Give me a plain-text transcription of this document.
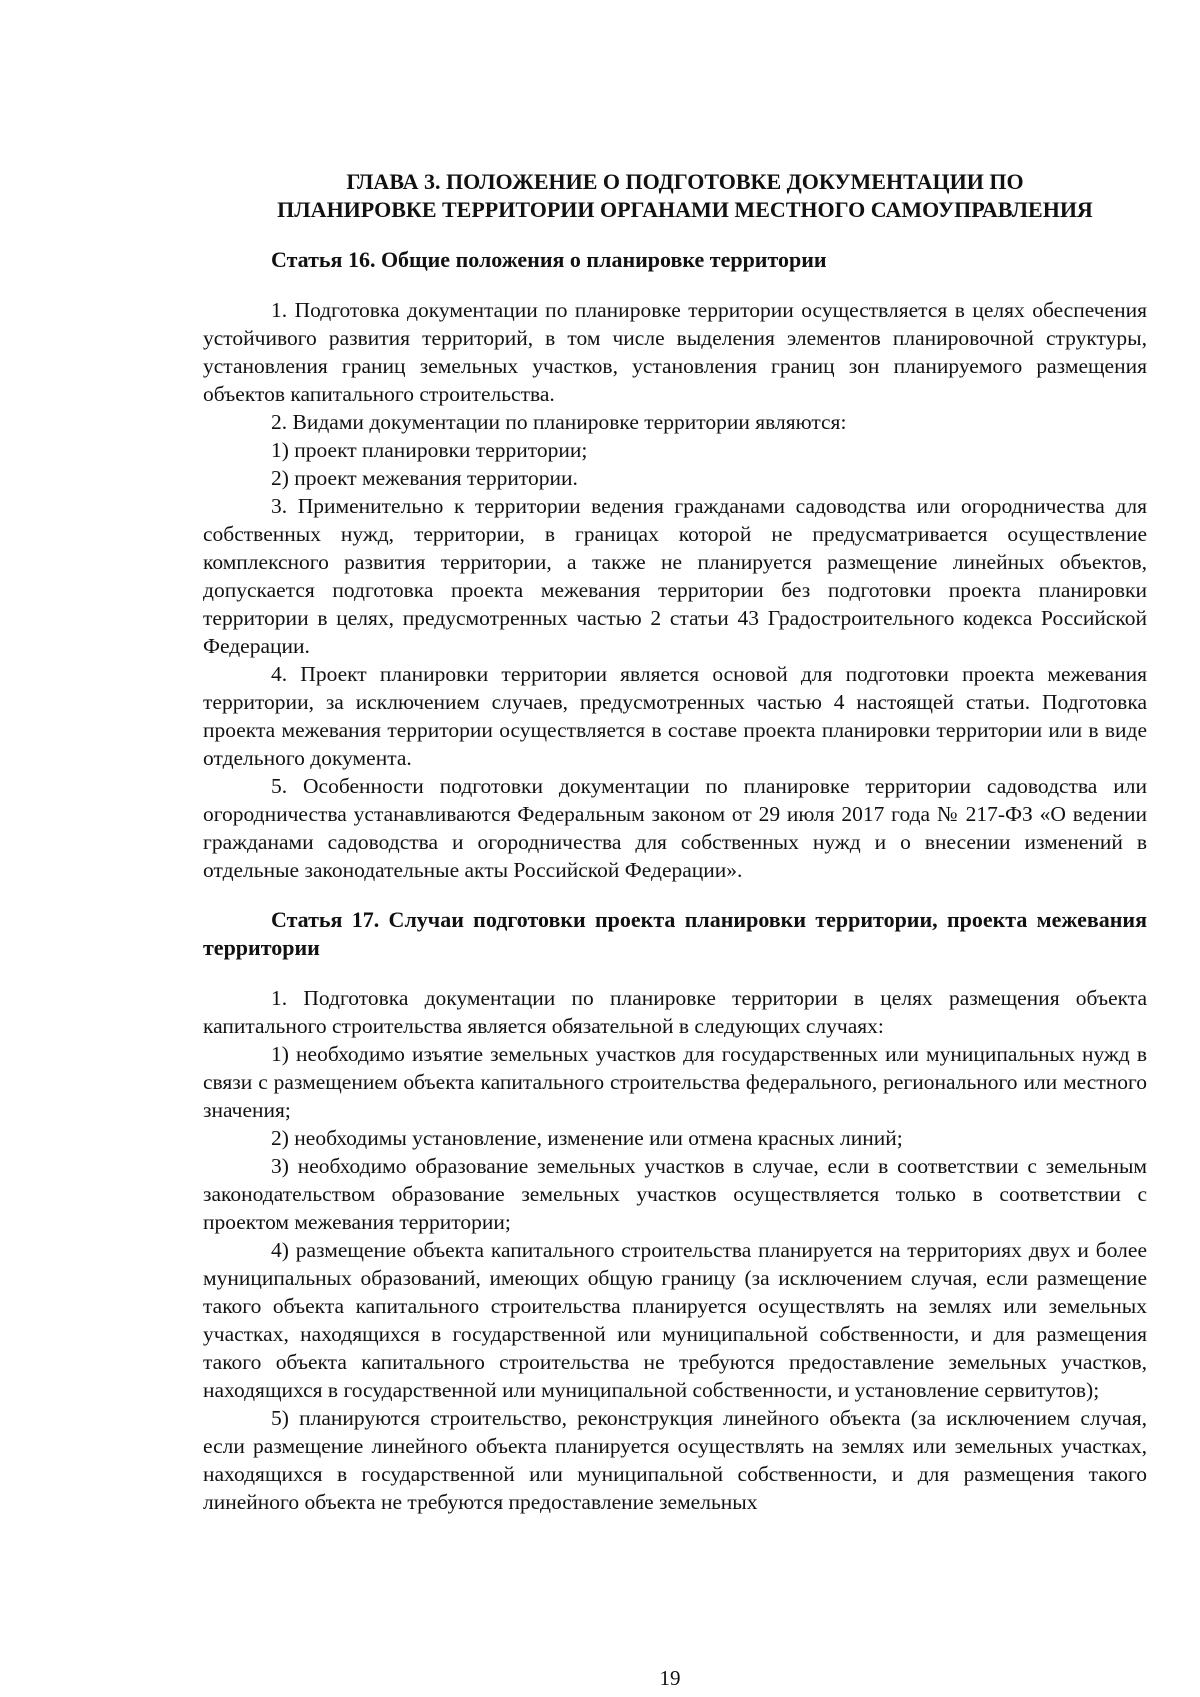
ГЛАВА 3. ПОЛОЖЕНИЕ О ПОДГОТОВКЕ ДОКУМЕНТАЦИИ ПО
ПЛАНИРОВКЕ ТЕРРИТОРИИ ОРГАНАМИ МЕСТНОГО САМОУПРАВЛЕНИЯ
Статья 16. Общие положения о планировке территории

1. Подготовка документации по планировке территории осуществляется в целях обеспечения устойчивого развития территорий, в том числе выделения элементов планировочной структуры, установления границ земельных участков, установления границ зон планируемого размещения объектов капитального строительства.

2. Видами документации по планировке территории являются:

1) проект планировки территории;

2) проект межевания территории.

3. Применительно к территории ведения гражданами садоводства или огородничества для собственных нужд, территории, в границах которой не предусматривается осуществление комплексного развития территории, а также не планируется размещение линейных объектов, допускается подготовка проекта межевания территории без подготовки проекта планировки территории в целях, предусмотренных частью 2 статьи 43 Градостроительного кодекса Российской Федерации.

4. Проект планировки территории является основой для подготовки проекта межевания территории, за исключением случаев, предусмотренных частью 4 настоящей статьи. Подготовка проекта межевания территории осуществляется в составе проекта планировки территории или в виде отдельного документа.

5. Особенности подготовки документации по планировке территории садоводства или огородничества устанавливаются Федеральным законом от 29 июля 2017 года № 217-ФЗ «О ведении гражданами садоводства и огородничества для собственных нужд и о внесении изменений в отдельные законодательные акты Российской Федерации».

Статья 17. Случаи подготовки проекта планировки территории, проекта межевания территории

1. Подготовка документации по планировке территории в целях размещения объекта капитального строительства является обязательной в следующих случаях:

1) необходимо изъятие земельных участков для государственных или муниципальных нужд в связи с размещением объекта капитального строительства федерального, регионального или местного значения;

2) необходимы установление, изменение или отмена красных линий;

3) необходимо образование земельных участков в случае, если в соответствии с земельным законодательством образование земельных участков осуществляется только в соответствии с проектом межевания территории;

4) размещение объекта капитального строительства планируется на территориях двух и более муниципальных образований, имеющих общую границу (за исключением случая, если размещение такого объекта капитального строительства планируется осуществлять на землях или земельных участках, находящихся в государственной или муниципальной собственности, и для размещения такого объекта капитального строительства не требуются предоставление земельных участков, находящихся в государственной или муниципальной собственности, и установление сервитутов);

5) планируются строительство, реконструкция линейного объекта (за исключением случая, если размещение линейного объекта планируется осуществлять на землях или земельных участках, находящихся в государственной или муниципальной собственности, и для размещения такого линейного объекта не требуются предоставление земельных

19
